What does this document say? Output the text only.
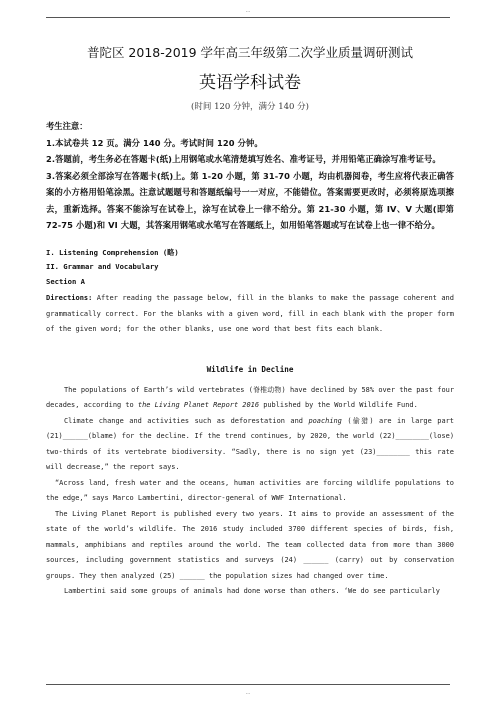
..

普陀区 2018-2019 学年高三年级第二次学业质量调研测试

英语学科试卷

(时间 120 分钟，满分 140 分)

考生注意：

1.本试卷共 12 页。满分 140 分。考试时间 120 分钟。

2.答题前，考生务必在答题卡(纸)上用钢笔或水笔清楚填写姓名、准考证号，并用铅笔正确涂写准考证号。

3.答案必须全部涂写在答题卡(纸)上。第 1-20 小题，第 31-70 小题，均由机器阅卷，考生应将代表正确答案的小方格用铅笔涂黑。注意试题题号和答题纸编号一一对应，不能错位。答案需要更改时，必须将原选项擦去，重新选择。答案不能涂写在试卷上，涂写在试卷上一律不给分。第 21-30 小题，第 IV、V 大题(即第 72-75 小题)和 VI 大题，其答案用钢笔或水笔写在答题纸上，如用铅笔答题或写在试卷上也一律不给分。

I. Listening Comprehension (略)

II. Grammar and Vocabulary

Section A

Directions: After reading the passage below, fill in the blanks to make the passage coherent and grammatically correct. For the blanks with a given word, fill in each blank with the proper form of the given word; for the other blanks, use one word that best fits each blank.

Wildlife in Decline

The populations of Earth’s wild vertebrates (脊椎动物) have declined by 58% over the past four decades, according to the Living Planet Report 2016 published by the World Wildlife Fund.

Climate change and activities such as deforestation and poaching (偷猎) are in large part (21)______(blame) for the decline. If the trend continues, by 2020, the world (22)________(lose) two-thirds of its vertebrate biodiversity. “Sadly, there is no sign yet (23)________ this rate will decrease,” the report says.

“Across land, fresh water and the oceans, human activities are forcing wildlife populations to the edge,” says Marco Lambertini, director-general of WWF International.

The Living Planet Report is published every two years. It aims to provide an assessment of the state of the world’s wildlife. The 2016 study included 3700 different species of birds, fish, mammals, amphibians and reptiles around the world. The team collected data from more than 3000 sources, including government statistics and surveys (24) ______ (carry) out by conservation groups. They then analyzed (25) ______ the population sizes had changed over time.

Lambertini said some groups of animals had done worse than others. ‘We do see particularly

..
